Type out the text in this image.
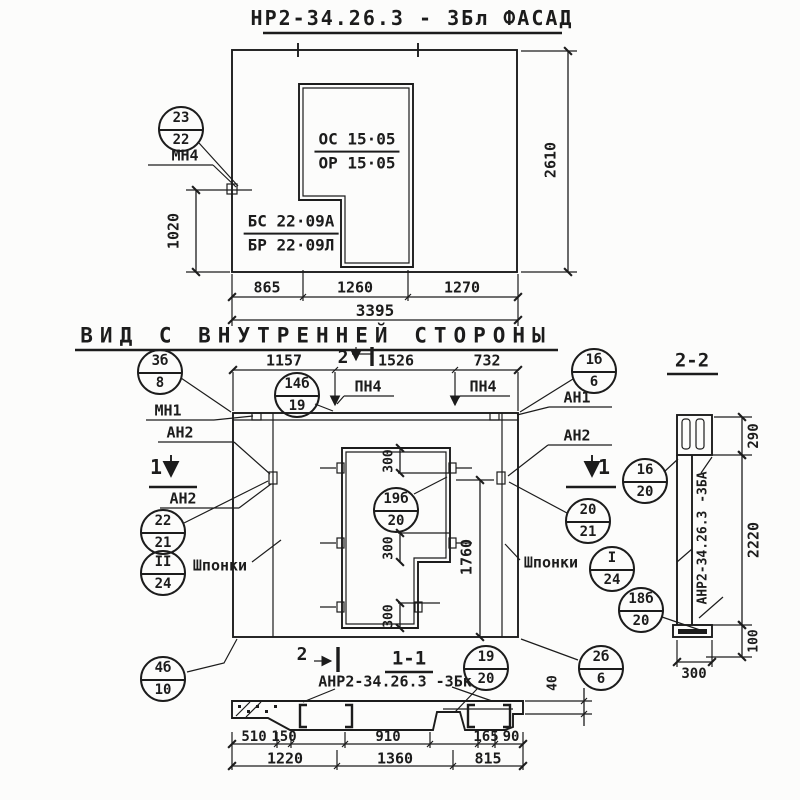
НР2-34.26.3 - 3Бл ФАСАД
ОС 15·05
ОР 15·05
БС 22·09А
БР 22·09Л
МН4
1020
2610
865	1260	1270
3395
ВИД С ВНУТРЕННЕЙ СТОРОНЫ
1157	1526	732
2
2
1	1
ПН4	ПН4
МН1
АН2
АН2
АН1
АН2
Шпонки	Шпонки
300
300
300
1760
1-1
АНР2-34.26.3 -3Бк	40
510 150	910	165 90
1220	1360	815
2-2
АНР2-34.26.3 -3БА
290
2220
100
300
23
22
3б
8	14б
19
1б
6
22
21
II
24
19б
20
20
21
I
24
16
20
18б
20
4б
10
19
20
2б
6
